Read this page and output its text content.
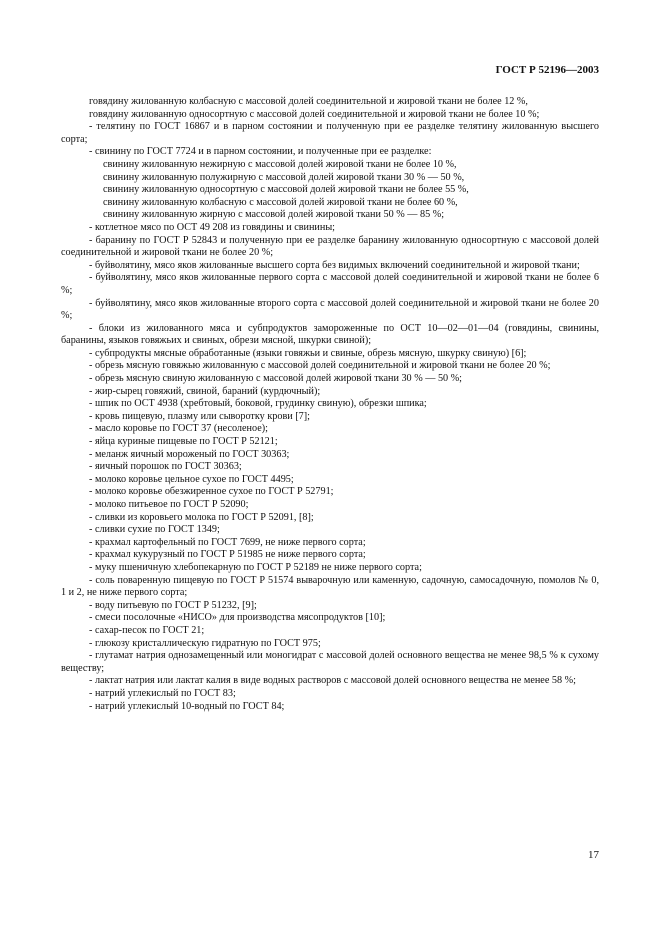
ГОСТ Р 52196—2003

говядину жилованную колбасную с массовой долей соединительной и жировой ткани не более 12 %,

говядину жилованную односортную с массовой долей соединительной и жировой ткани не более 10 %;

- телятину по ГОСТ 16867 и в парном состоянии и полученную при ее разделке телятину жилованную высшего сорта;

- свинину по ГОСТ 7724 и в парном состоянии, и полученные при ее разделке:

свинину жилованную нежирную с массовой долей жировой ткани не более 10 %,

свинину жилованную полужирную с массовой долей жировой ткани 30 % — 50 %,

свинину жилованную односортную с массовой долей жировой ткани не более 55 %,

свинину жилованную колбасную с массовой долей жировой ткани не более 60 %,

свинину жилованную жирную с массовой долей жировой ткани 50 % — 85 %;

- котлетное мясо по ОСТ 49 208 из говядины и свинины;

- баранину по ГОСТ Р 52843 и полученную при ее разделке баранину жилованную односортную с массовой долей соединительной и жировой ткани не более 20 %;

- буйволятину, мясо яков жилованные высшего сорта без видимых включений соединительной и жировой ткани;

- буйволятину, мясо яков жилованные первого сорта с массовой долей соединительной и жировой ткани не более 6 %;

- буйволятину, мясо яков жилованные второго сорта с массовой долей соединительной и жировой ткани не более 20 %;

- блоки из жилованного мяса и субпродуктов замороженные по ОСТ 10—02—01—04 (говядины, свинины, баранины, языков говяжьих и свиных, обрези мясной, шкурки свиной);

- субпродукты мясные обработанные (языки говяжьи и свиные, обрезь мясную, шкурку свиную) [6];

- обрезь мясную говяжью жилованную с массовой долей соединительной и жировой ткани не более 20 %;

- обрезь мясную свиную жилованную с массовой долей жировой ткани 30 % — 50 %;

- жир-сырец говяжий, свиной, бараний (курдючный);

- шпик по ОСТ 4938 (хребтовый, боковой, грудинку свиную), обрезки шпика;

- кровь пищевую, плазму или сыворотку крови [7];

- масло коровье по ГОСТ 37 (несоленое);

- яйца куриные пищевые по ГОСТ Р 52121;

- меланж яичный мороженый по ГОСТ 30363;

- яичный порошок по ГОСТ 30363;

- молоко коровье цельное сухое по ГОСТ 4495;

- молоко коровье обезжиренное сухое по ГОСТ Р 52791;

- молоко питьевое по ГОСТ Р 52090;

- сливки из коровьего молока по ГОСТ Р 52091, [8];

- сливки сухие по ГОСТ 1349;

- крахмал картофельный по ГОСТ 7699, не ниже первого сорта;

- крахмал кукурузный по ГОСТ Р 51985 не ниже первого сорта;

- муку пшеничную хлебопекарную по ГОСТ Р 52189 не ниже первого сорта;

- соль поваренную пищевую по ГОСТ Р 51574 выварочную или каменную, садочную, самосадочную, помолов № 0, 1 и 2, не ниже первого сорта;

- воду питьевую по ГОСТ Р 51232, [9];

- смеси посолочные «НИСО» для производства мясопродуктов [10];

- сахар-песок по ГОСТ 21;

- глюкозу кристаллическую гидратную по ГОСТ 975;

- глутамат натрия однозамещенный или моногидрат с массовой долей основного вещества не менее 98,5 % к сухому веществу;

- лактат натрия или лактат калия в виде водных растворов с массовой долей основного вещества не менее 58 %;

- натрий углекислый по ГОСТ 83;

- натрий углекислый 10-водный по ГОСТ 84;

17
